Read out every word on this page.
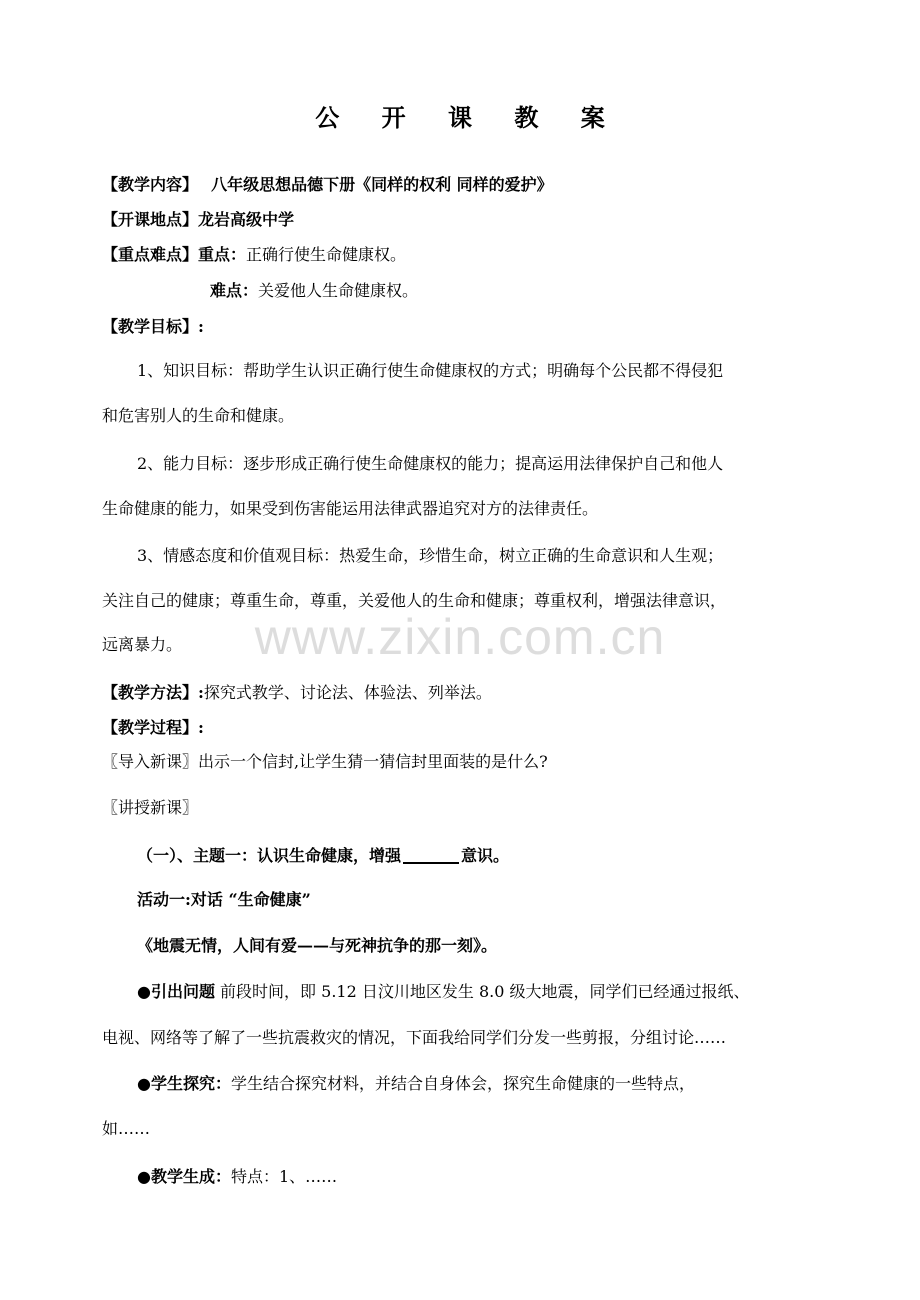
公 开 课 教 案
【教学内容】 八年级思想品德下册《同样的权利 同样的爱护》
【开课地点】龙岩高级中学
【重点难点】重点：正确行使生命健康权。
难点：关爱他人生命健康权。
【教学目标】:
1、知识目标：帮助学生认识正确行使生命健康权的方式；明确每个公民都不得侵犯
和危害别人的生命和健康。
2、能力目标：逐步形成正确行使生命健康权的能力；提高运用法律保护自己和他人
生命健康的能力，如果受到伤害能运用法律武器追究对方的法律责任。
3、情感态度和价值观目标：热爱生命，珍惜生命，树立正确的生命意识和人生观；
关注自己的健康；尊重生命，尊重，关爱他人的生命和健康；尊重权利，增强法律意识，
远离暴力。
【教学方法】:探究式教学、讨论法、体验法、列举法。
【教学过程】:
〖导入新课〗出示一个信封,让学生猜一猜信封里面装的是什么?
〖讲授新课〗
（一）、主题一：认识生命健康，增强	意识。
活动一:对话 “生命健康”
《地震无情，人间有爱——与死神抗争的那一刻》。
●引出问题 前段时间，即 5.12 日汶川地区发生 8.0 级大地震，同学们已经通过报纸、
电视、网络等了解了一些抗震救灾的情况，下面我给同学们分发一些剪报，分组讨论……
●学生探究：学生结合探究材料，并结合自身体会，探究生命健康的一些特点，
如……
●教学生成：特点：1、……
www.zixin.com.cn
